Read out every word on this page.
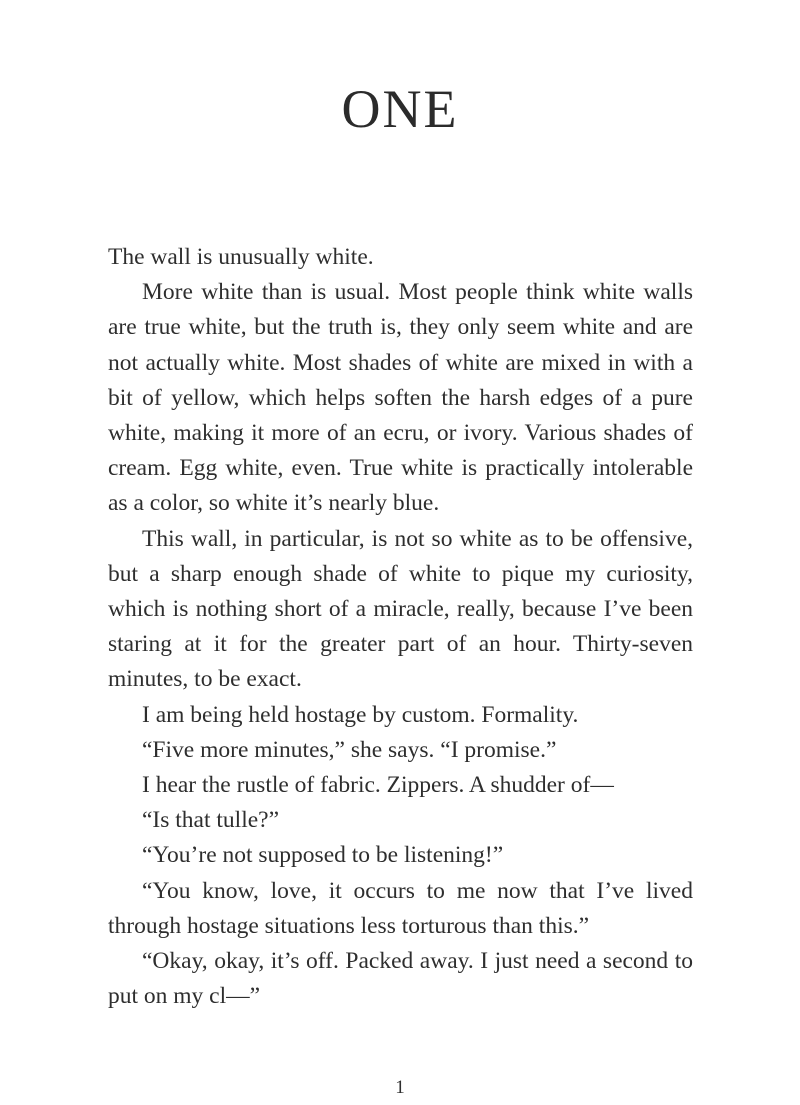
ONE

The wall is unusually white.

More white than is usual. Most people think white walls are true white, but the truth is, they only seem white and are not actually white. Most shades of white are mixed in with a bit of yellow, which helps soften the harsh edges of a pure white, making it more of an ecru, or ivory. Various shades of cream. Egg white, even. True white is practically intolerable as a color, so white it’s nearly blue.

This wall, in particular, is not so white as to be offensive, but a sharp enough shade of white to pique my curiosity, which is nothing short of a miracle, really, because I’ve been staring at it for the greater part of an hour. Thirty-seven minutes, to be exact.

I am being held hostage by custom. Formality.

“Five more minutes,” she says. “I promise.”

I hear the rustle of fabric. Zippers. A shudder of—

“Is that tulle?”

“You’re not supposed to be listening!”

“You know, love, it occurs to me now that I’ve lived through hostage situations less torturous than this.”

“Okay, okay, it’s off. Packed away. I just need a second to put on my cl—”

1
